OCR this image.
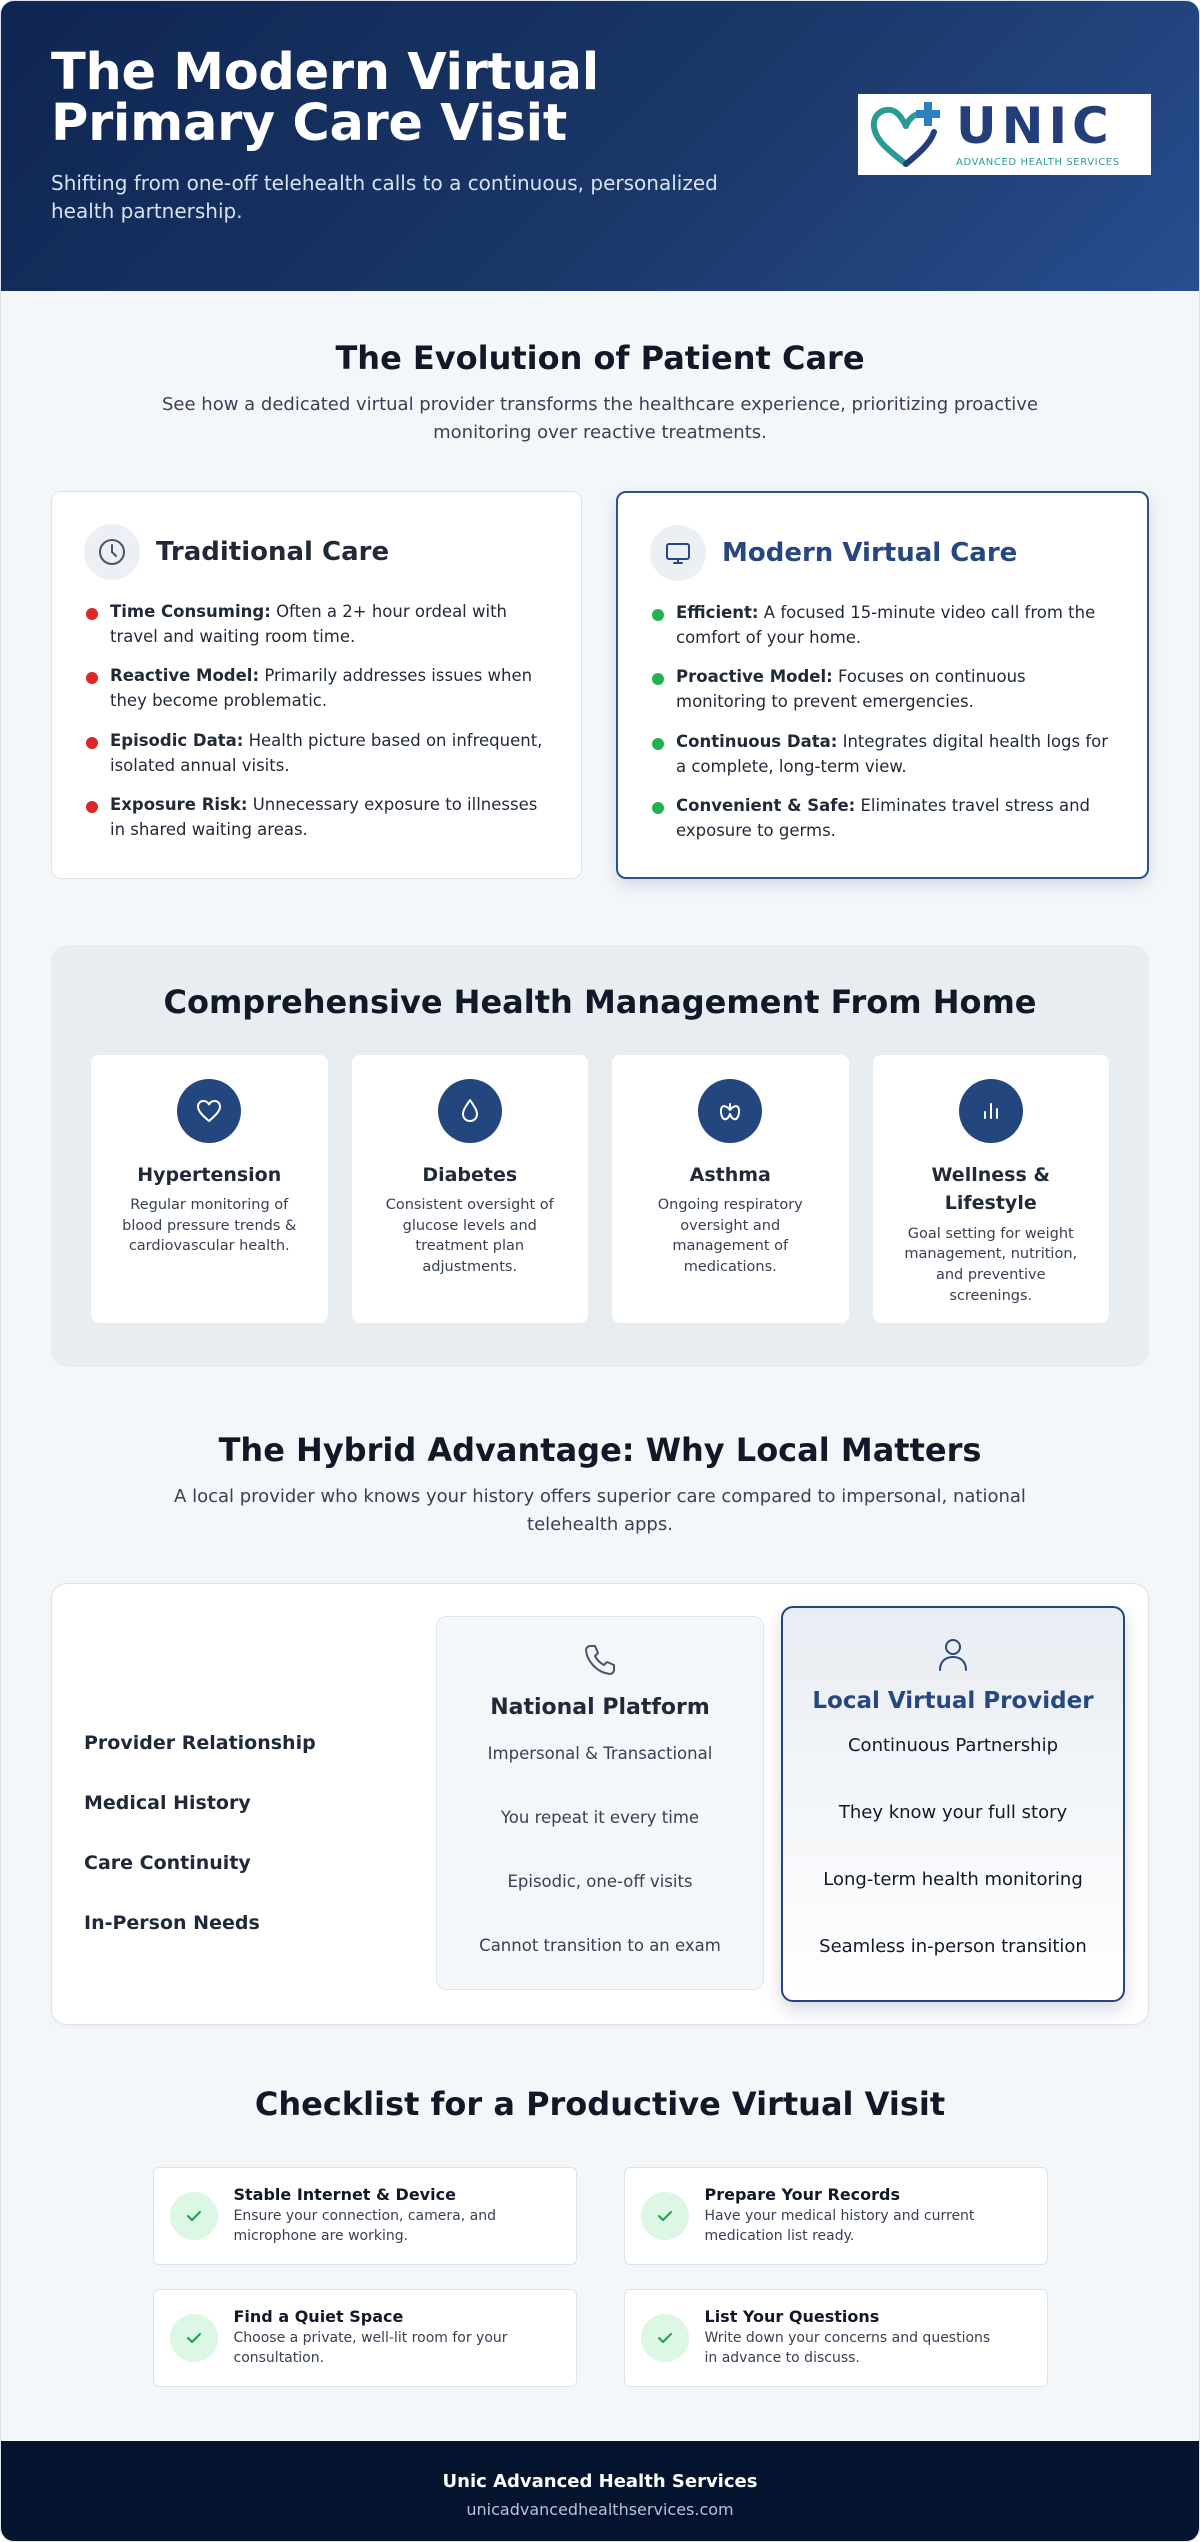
The Modern Virtual Primary Care Visit

Shifting from one-off telehealth calls to a continuous, personalized health partnership.

UNIC
ADVANCED HEALTH SERVICES
The Evolution of Patient Care

See how a dedicated virtual provider transforms the healthcare experience, prioritizing proactive monitoring over reactive treatments.

Traditional Care
Time Consuming: Often a 2+ hour ordeal with travel and waiting room time.
Reactive Model: Primarily addresses issues when they become problematic.
Episodic Data: Health picture based on infrequent, isolated annual visits.
Exposure Risk: Unnecessary exposure to illnesses in shared waiting areas.
Modern Virtual Care
Efficient: A focused 15-minute video call from the comfort of your home.
Proactive Model: Focuses on continuous monitoring to prevent emergencies.
Continuous Data: Integrates digital health logs for a complete, long-term view.
Convenient & Safe: Eliminates travel stress and exposure to germs.
Comprehensive Health Management From Home
Hypertension
Regular monitoring of blood pressure trends & cardiovascular health.
Diabetes
Consistent oversight of glucose levels and treatment plan adjustments.
Asthma
Ongoing respiratory oversight and management of medications.
Wellness & Lifestyle
Goal setting for weight management, nutrition, and preventive screenings.
The Hybrid Advantage: Why Local Matters

A local provider who knows your history offers superior care compared to impersonal, national telehealth apps.

Provider Relationship
Medical History
Care Continuity
In-Person Needs
National Platform
Impersonal & Transactional
You repeat it every time
Episodic, one-off visits
Cannot transition to an exam
Local Virtual Provider
Continuous Partnership
They know your full story
Long-term health monitoring
Seamless in-person transition
Checklist for a Productive Virtual Visit
Stable Internet & Device
Ensure your connection, camera, and microphone are working.
Prepare Your Records
Have your medical history and current medication list ready.
Find a Quiet Space
Choose a private, well-lit room for your consultation.
List Your Questions
Write down your concerns and questions in advance to discuss.
Unic Advanced Health Services
unicadvancedhealthservices.com
